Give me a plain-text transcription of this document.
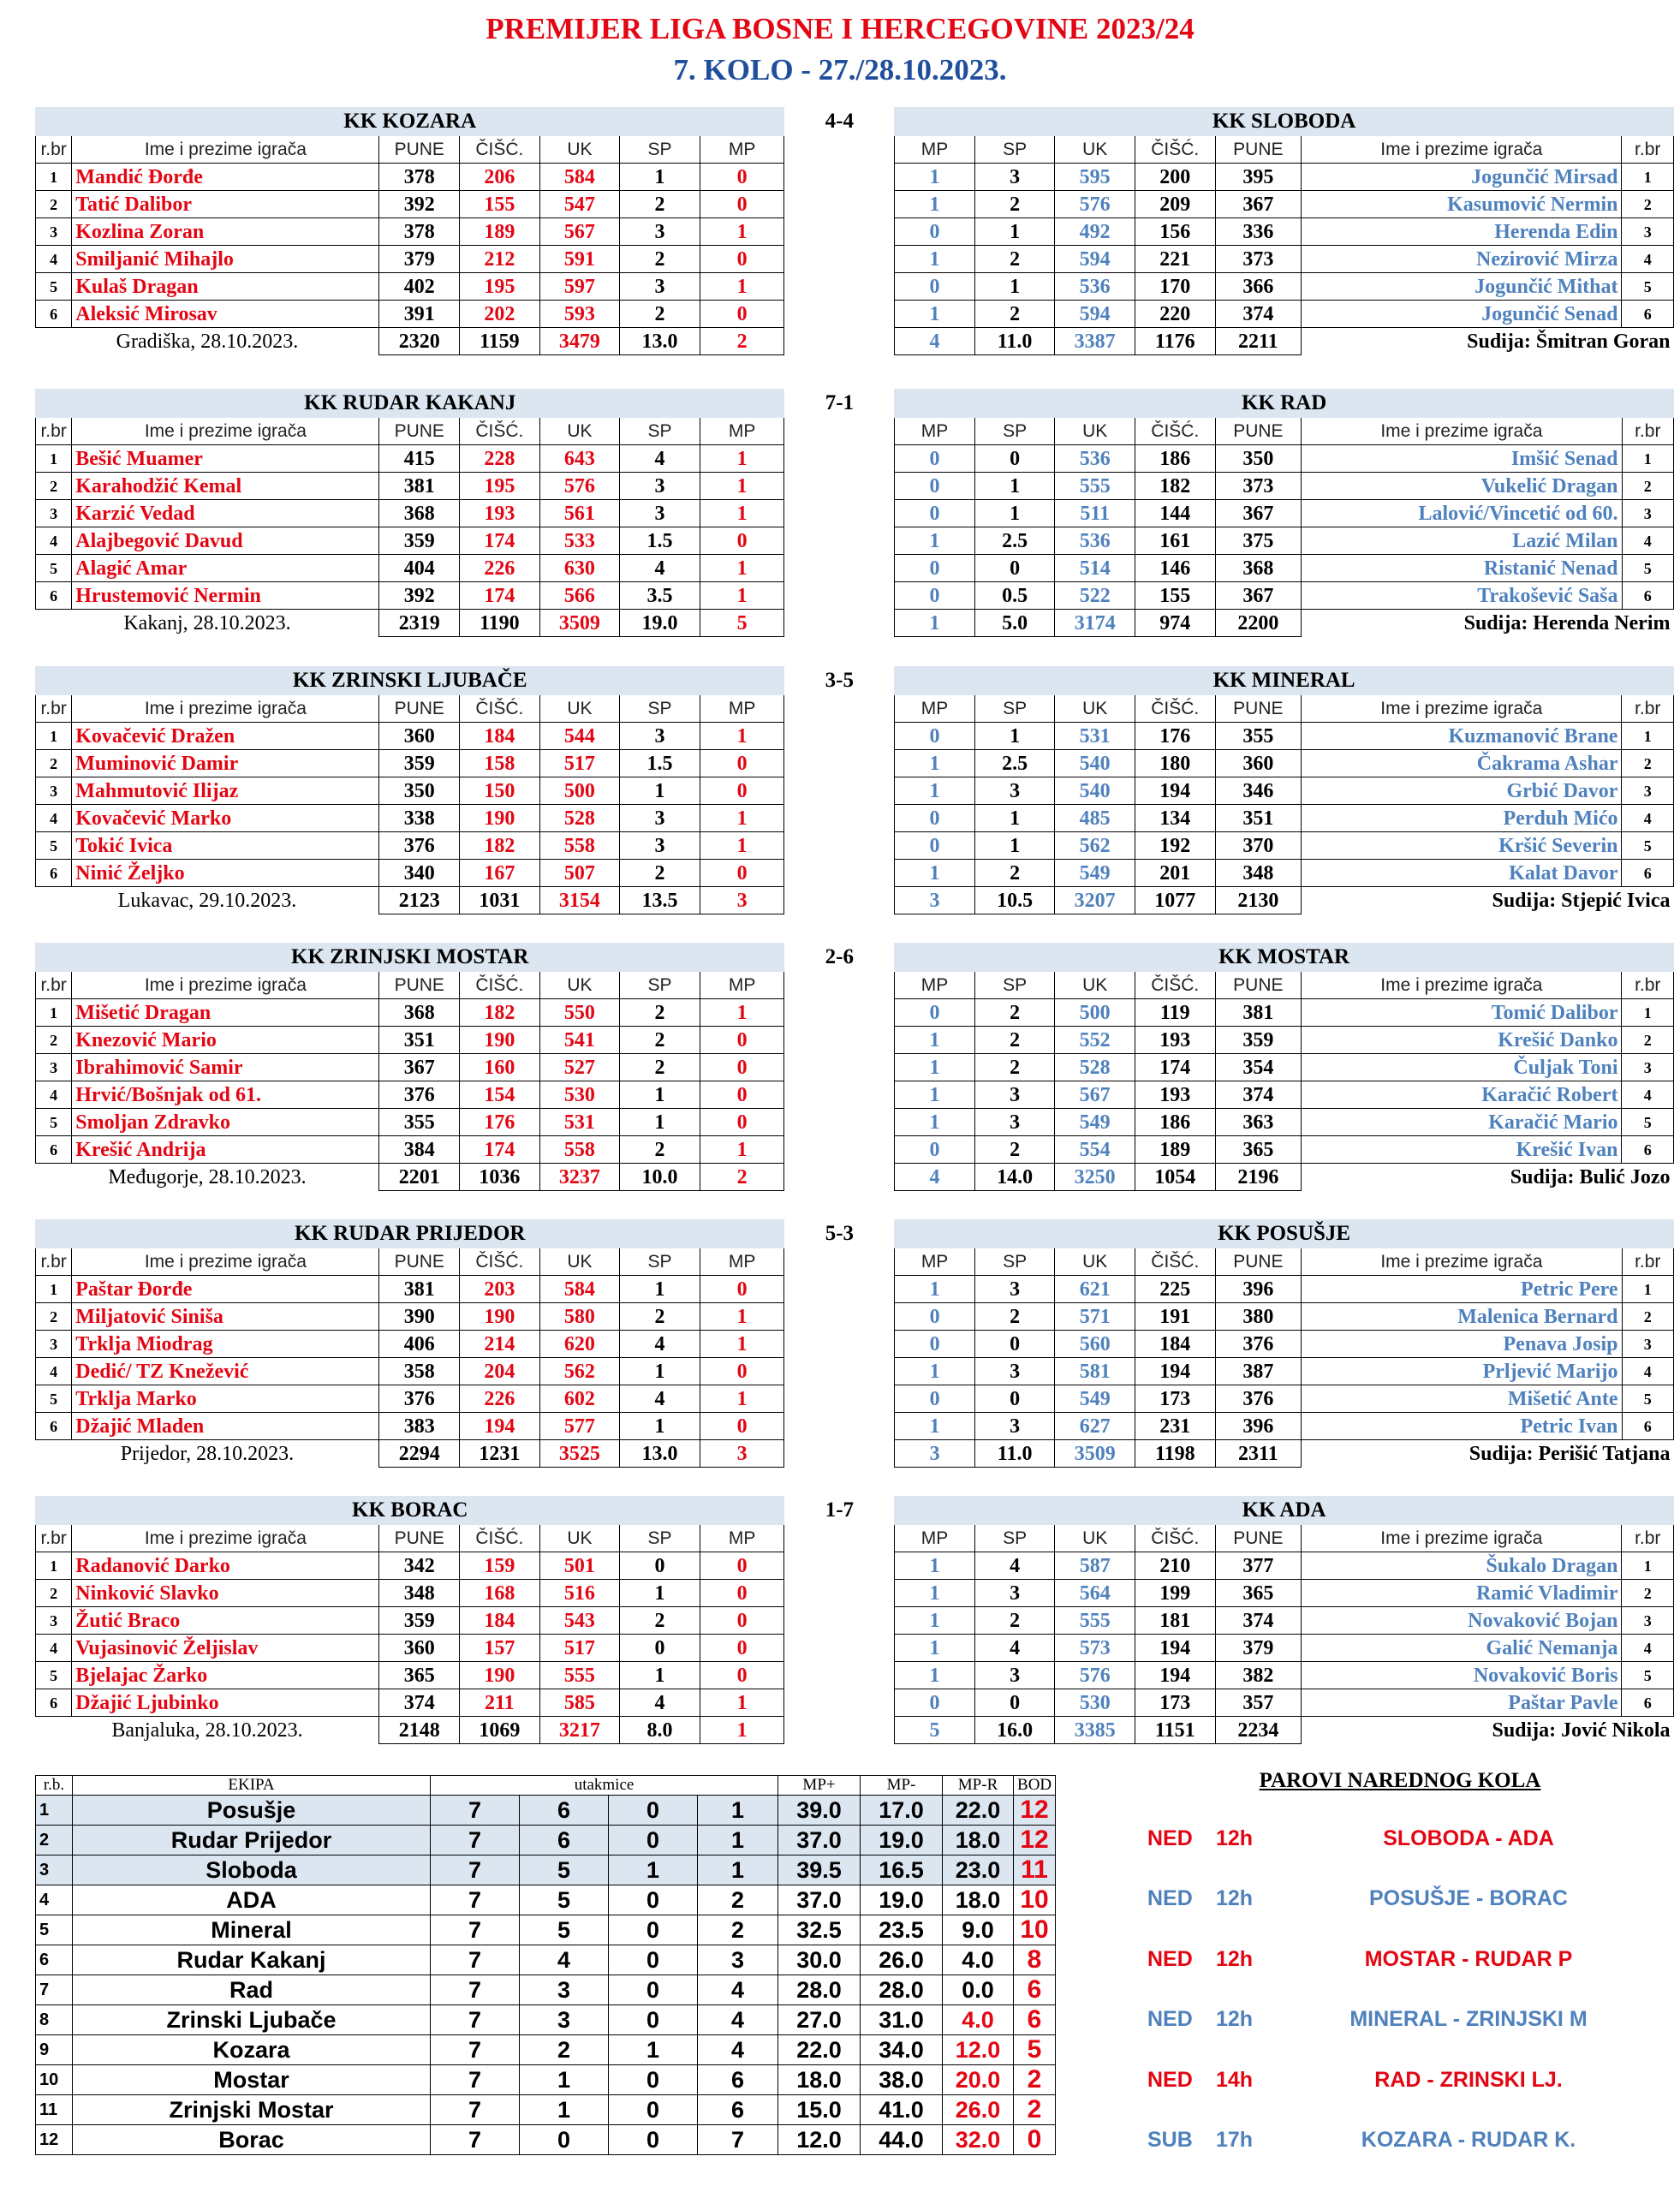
PREMIJER LIGA BOSNE I HERCEGOVINE 2023/24
7. KOLO - 27./28.10.2023.
KK KOZARA							4-4	KK SLOBODA						
r.br	Ime i prezime igrača	PUNE	ČIŠĆ.	UK	SP	MP		MP	SP	UK	ČIŠĆ.	PUNE	Ime i prezime igrača	r.br
1	Mandić Đorđe	378	206	584	1	0		1	3	595	200	395	Jogunčić Mirsad	1
2	Tatić Dalibor	392	155	547	2	0		1	2	576	209	367	Kasumović Nermin	2
3	Kozlina Zoran	378	189	567	3	1		0	1	492	156	336	Herenda Edin	3
4	Smiljanić Mihajlo	379	212	591	2	0		1	2	594	221	373	Nezirović Mirza	4
5	Kulaš Dragan	402	195	597	3	1		0	1	536	170	366	Jogunčić Mithat	5
6	Aleksić Mirosav	391	202	593	2	0		1	2	594	220	374	Jogunčić Senad	6
Gradiška, 28.10.2023.		2320	1159	3479	13.0	2		4	11.0	3387	1176	2211	Sudija: Šmitran Goran	
KK RUDAR KAKANJ							7-1	KK RAD						
r.br	Ime i prezime igrača	PUNE	ČIŠĆ.	UK	SP	MP		MP	SP	UK	ČIŠĆ.	PUNE	Ime i prezime igrača	r.br
1	Bešić Muamer	415	228	643	4	1		0	0	536	186	350	Imšić Senad	1
2	Karahodžić Kemal	381	195	576	3	1		0	1	555	182	373	Vukelić Dragan	2
3	Karzić Vedad	368	193	561	3	1		0	1	511	144	367	Lalović/Vincetić od 60.	3
4	Alajbegović Davud	359	174	533	1.5	0		1	2.5	536	161	375	Lazić Milan	4
5	Alagić Amar	404	226	630	4	1		0	0	514	146	368	Ristanić Nenad	5
6	Hrustemović Nermin	392	174	566	3.5	1		0	0.5	522	155	367	Trakošević Saša	6
Kakanj, 28.10.2023.		2319	1190	3509	19.0	5		1	5.0	3174	974	2200	Sudija: Herenda Nerim	
KK ZRINSKI LJUBAČE							3-5	KK MINERAL						
r.br	Ime i prezime igrača	PUNE	ČIŠĆ.	UK	SP	MP		MP	SP	UK	ČIŠĆ.	PUNE	Ime i prezime igrača	r.br
1	Kovačević Dražen	360	184	544	3	1		0	1	531	176	355	Kuzmanović Brane	1
2	Muminović Damir	359	158	517	1.5	0		1	2.5	540	180	360	Čakrama Ashar	2
3	Mahmutović Ilijaz	350	150	500	1	0		1	3	540	194	346	Grbić Davor	3
4	Kovačević Marko	338	190	528	3	1		0	1	485	134	351	Perduh Mićo	4
5	Tokić Ivica	376	182	558	3	1		0	1	562	192	370	Kršić Severin	5
6	Ninić Željko	340	167	507	2	0		1	2	549	201	348	Kalat Davor	6
Lukavac, 29.10.2023.		2123	1031	3154	13.5	3		3	10.5	3207	1077	2130	Sudija: Stjepić Ivica	
KK ZRINJSKI MOSTAR							2-6	KK MOSTAR						
r.br	Ime i prezime igrača	PUNE	ČIŠĆ.	UK	SP	MP		MP	SP	UK	ČIŠĆ.	PUNE	Ime i prezime igrača	r.br
1	Mišetić Dragan	368	182	550	2	1		0	2	500	119	381	Tomić Dalibor	1
2	Knezović Mario	351	190	541	2	0		1	2	552	193	359	Krešić Danko	2
3	Ibrahimović Samir	367	160	527	2	0		1	2	528	174	354	Čuljak Toni	3
4	Hrvić/Bošnjak od 61.	376	154	530	1	0		1	3	567	193	374	Karačić Robert	4
5	Smoljan Zdravko	355	176	531	1	0		1	3	549	186	363	Karačić Mario	5
6	Krešić Andrija	384	174	558	2	1		0	2	554	189	365	Krešić Ivan	6
Međugorje, 28.10.2023.		2201	1036	3237	10.0	2		4	14.0	3250	1054	2196	Sudija: Bulić Jozo	
KK RUDAR PRIJEDOR							5-3	KK POSUŠJE						
r.br	Ime i prezime igrača	PUNE	ČIŠĆ.	UK	SP	MP		MP	SP	UK	ČIŠĆ.	PUNE	Ime i prezime igrača	r.br
1	Paštar Đorđe	381	203	584	1	0		1	3	621	225	396	Petric Pere	1
2	Miljatović Siniša	390	190	580	2	1		0	2	571	191	380	Malenica Bernard	2
3	Trklja Miodrag	406	214	620	4	1		0	0	560	184	376	Penava Josip	3
4	Dedić/ TZ Knežević	358	204	562	1	0		1	3	581	194	387	Prljević Marijo	4
5	Trklja Marko	376	226	602	4	1		0	0	549	173	376	Mišetić Ante	5
6	Džajić Mladen	383	194	577	1	0		1	3	627	231	396	Petric Ivan	6
Prijedor, 28.10.2023.		2294	1231	3525	13.0	3		3	11.0	3509	1198	2311	Sudija: Perišić Tatjana	
KK BORAC							1-7	KK ADA						
r.br	Ime i prezime igrača	PUNE	ČIŠĆ.	UK	SP	MP		MP	SP	UK	ČIŠĆ.	PUNE	Ime i prezime igrača	r.br
1	Radanović Darko	342	159	501	0	0		1	4	587	210	377	Šukalo Dragan	1
2	Ninković Slavko	348	168	516	1	0		1	3	564	199	365	Ramić Vladimir	2
3	Žutić Braco	359	184	543	2	0		1	2	555	181	374	Novaković Bojan	3
4	Vujasinović Željislav	360	157	517	0	0		1	4	573	194	379	Galić Nemanja	4
5	Bjelajac Žarko	365	190	555	1	0		1	3	576	194	382	Novaković Boris	5
6	Džajić Ljubinko	374	211	585	4	1		0	0	530	173	357	Paštar Pavle	6
Banjaluka, 28.10.2023.		2148	1069	3217	8.0	1		5	16.0	3385	1151	2234	Sudija: Jović Nikola	
r.b.	EKIPA	utakmice				MP+	MP-	MP-R	BOD
1	Posušje	7	6	0	1	39.0	17.0	22.0	12
2	Rudar Prijedor	7	6	0	1	37.0	19.0	18.0	12
3	Sloboda	7	5	1	1	39.5	16.5	23.0	11
4	ADA	7	5	0	2	37.0	19.0	18.0	10
5	Mineral	7	5	0	2	32.5	23.5	9.0	10
6	Rudar Kakanj	7	4	0	3	30.0	26.0	4.0	8
7	Rad	7	3	0	4	28.0	28.0	0.0	6
8	Zrinski Ljubače	7	3	0	4	27.0	31.0	4.0	6
9	Kozara	7	2	1	4	22.0	34.0	12.0	5
10	Mostar	7	1	0	6	18.0	38.0	20.0	2
11	Zrinjski Mostar	7	1	0	6	15.0	41.0	26.0	2
12	Borac	7	0	0	7	12.0	44.0	32.0	0
PAROVI NAREDNOG KOLA
NED	12h	SLOBODA - ADA
NED	12h	POSUŠJE - BORAC
NED	12h	MOSTAR - RUDAR P
NED	12h	MINERAL - ZRINJSKI M
NED	14h	RAD - ZRINSKI LJ.
SUB	17h	KOZARA - RUDAR K.
